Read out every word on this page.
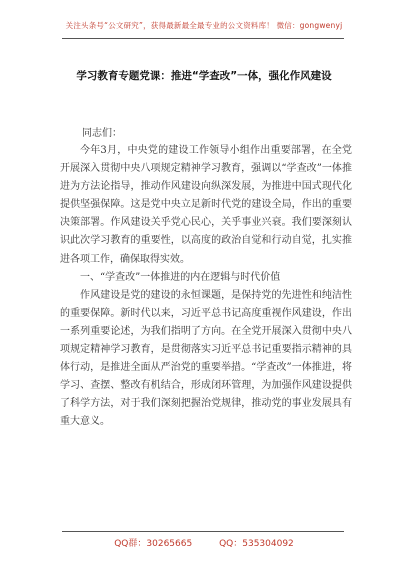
关注头条号“公文研究”，获得最新最全最专业的公文资料库！ 微信：gongwenyj
学习教育专题党课：推进“学查改”一体，强化作风建设
同志们：

今年3月，中央党的建设工作领导小组作出重要部署，在全党开展深入贯彻中央八项规定精神学习教育，强调以“学查改”一体推进为方法论指导，推动作风建设向纵深发展，为推进中国式现代化提供坚强保障。这是党中央立足新时代党的建设全局，作出的重要决策部署。作风建设关乎党心民心，关乎事业兴衰。我们要深刻认识此次学习教育的重要性，以高度的政治自觉和行动自觉，扎实推进各项工作，确保取得实效。

一、“学查改”一体推进的内在逻辑与时代价值

作风建设是党的建设的永恒课题，是保持党的先进性和纯洁性的重要保障。新时代以来，习近平总书记高度重视作风建设，作出一系列重要论述，为我们指明了方向。在全党开展深入贯彻中央八项规定精神学习教育，是贯彻落实习近平总书记重要指示精神的具体行动，是推进全面从严治党的重要举措。“学查改”一体推进，将学习、查摆、整改有机结合，形成闭环管理，为加强作风建设提供了科学方法，对于我们深刻把握治党规律，推动党的事业发展具有重大意义。

QQ群：30265665	QQ：535304092
